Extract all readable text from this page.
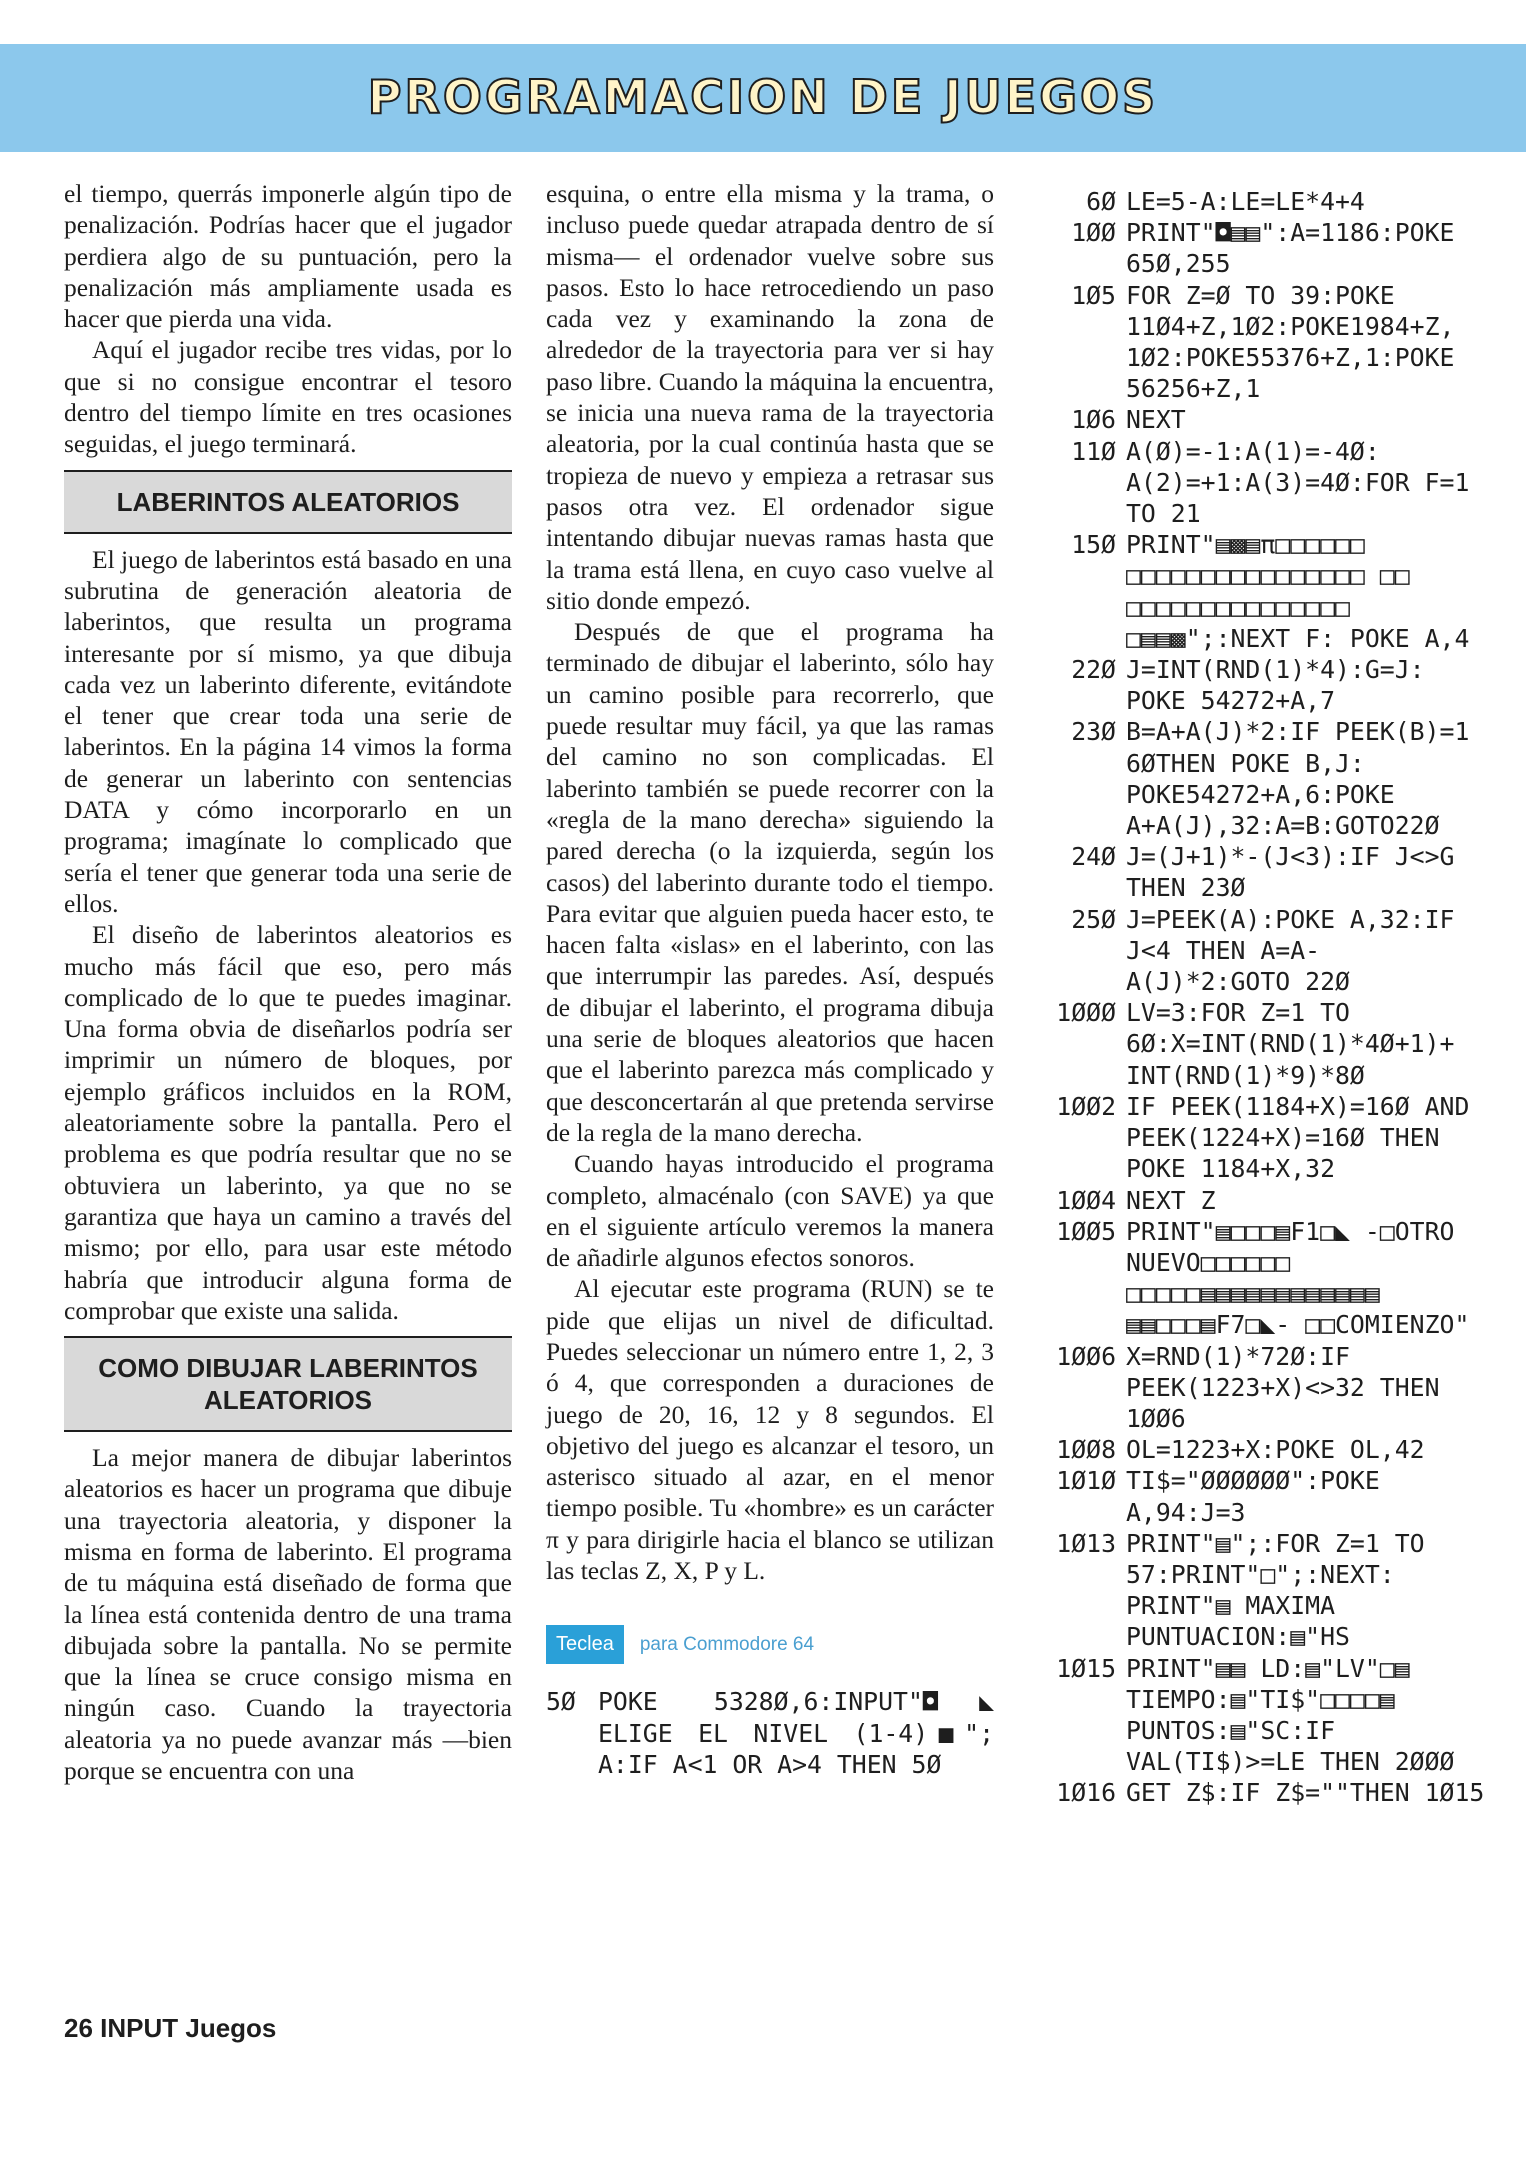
PROGRAMACION DE JUEGOS

el tiempo, querrás imponerle algún tipo de penalización. Podrías hacer que el jugador perdiera algo de su puntuación, pero la penalización más ampliamente usada es hacer que pierda una vida.

Aquí el jugador recibe tres vidas, por lo que si no consigue encontrar el tesoro dentro del tiempo límite en tres ocasiones seguidas, el juego terminará.

LABERINTOS ALEATORIOS

El juego de laberintos está basado en una subrutina de generación aleatoria de laberintos, que resulta un programa interesante por sí mismo, ya que dibuja cada vez un laberinto diferente, evitándote el tener que crear toda una serie de laberintos. En la página 14 vimos la forma de generar un laberinto con sentencias DATA y cómo incorporarlo en un programa; imagínate lo complicado que sería el tener que generar toda una serie de ellos.

El diseño de laberintos aleatorios es mucho más fácil que eso, pero más complicado de lo que te puedes imaginar. Una forma obvia de diseñarlos podría ser imprimir un número de bloques, por ejemplo gráficos incluidos en la ROM, aleatoriamente sobre la pantalla. Pero el problema es que podría resultar que no se obtuviera un laberinto, ya que no se garantiza que haya un camino a través del mismo; por ello, para usar este método habría que introducir alguna forma de comprobar que existe una salida.

COMO DIBUJAR LABERINTOS ALEATORIOS

La mejor manera de dibujar laberintos aleatorios es hacer un programa que dibuje una trayectoria aleatoria, y disponer la misma en forma de laberinto. El programa de tu máquina está diseñado de forma que la línea está contenida dentro de una trama dibujada sobre la pantalla. No se permite que la línea se cruce consigo misma en ningún caso. Cuando la trayectoria aleatoria ya no puede avanzar más —bien porque se encuentra con una

esquina, o entre ella misma y la trama, o incluso puede quedar atrapada dentro de sí misma— el ordenador vuelve sobre sus pasos. Esto lo hace retrocediendo un paso cada vez y examinando la zona de alrededor de la trayectoria para ver si hay paso libre. Cuando la máquina la encuentra, se inicia una nueva rama de la trayectoria aleatoria, por la cual continúa hasta que se tropieza de nuevo y empieza a retrasar sus pasos otra vez. El ordenador sigue intentando dibujar nuevas ramas hasta que la trama está llena, en cuyo caso vuelve al sitio donde empezó.

Después de que el programa ha terminado de dibujar el laberinto, sólo hay un camino posible para recorrerlo, que puede resultar muy fácil, ya que las ramas del camino no son complicadas. El laberinto también se puede recorrer con la «regla de la mano derecha» siguiendo la pared derecha (o la izquierda, según los casos) del laberinto durante todo el tiempo. Para evitar que alguien pueda hacer esto, te hacen falta «islas» en el laberinto, con las que interrumpir las paredes. Así, después de dibujar el laberinto, el programa dibuja una serie de bloques aleatorios que hacen que el laberinto parezca más complicado y que desconcertarán al que pretenda servirse de la regla de la mano derecha.

Cuando hayas introducido el programa completo, almacénalo (con SAVE) ya que en el siguiente artículo veremos la manera de añadirle algunos efectos sonoros.

Al ejecutar este programa (RUN) se te pide que elijas un nivel de dificultad. Puedes seleccionar un número entre 1, 2, 3 ó 4, que corresponden a duraciones de juego de 20, 16, 12 y 8 segundos. El objetivo del juego es alcanzar el tesoro, un asterisco situado al azar, en el menor tiempo posible. Tu «hombre» es un carácter π y para dirigirle hacia el blanco se utilizan las teclas Z, X, P y L.

Teclea	para Commodore 64
5Ø POKE 5328Ø,6:INPUT"◘◣ ELIGE EL NIVEL (1-4)■"; A:IF A<1 OR A>4 THEN 5Ø
6Ø LE=5-A:LE=LE*4+4
1ØØ PRINT"◘▤▤":A=1186:POKE 65Ø,255
1Ø5 FOR Z=Ø TO 39:POKE 11Ø4+Z,1Ø2:POKE1984+Z, 1Ø2:POKE55376+Z,1:POKE 56256+Z,1
1Ø6 NEXT
11Ø A(Ø)=-1:A(1)=-4Ø: A(2)=+1:A(3)=4Ø:FOR F=1 TO 21
15Ø PRINT"▤▩▤π□□□□□□ □□□□□□□□□□□□□□□□ □□ □□□□□□□□□□□□□□□ □▤▤▩";:NEXT F: POKE A,4
22Ø J=INT(RND(1)*4):G=J: POKE 54272+A,7
23Ø B=A+A(J)*2:IF PEEK(B)=1 6ØTHEN POKE B,J: POKE54272+A,6:POKE A+A(J),32:A=B:GOTO22Ø
24Ø J=(J+1)*-(J<3):IF J<>G THEN 23Ø
25Ø J=PEEK(A):POKE A,32:IF J<4 THEN A=A- A(J)*2:GOTO 22Ø
1ØØØ LV=3:FOR Z=1 TO 6Ø:X=INT(RND(1)*4Ø+1)+ INT(RND(1)*9)*8Ø
1ØØ2 IF PEEK(1184+X)=16Ø AND PEEK(1224+X)=16Ø THEN POKE 1184+X,32
1ØØ4 NEXT Z
1ØØ5 PRINT"▤□□□▤F1□◣ -□OTRO NUEVO□□□□□□ □□□□□▤▤▤▤▤▤▤▤▤▤▤▤ ▤▤□□□▤F7□◣- □□COMIENZO"
1ØØ6 X=RND(1)*72Ø:IF PEEK(1223+X)<>32 THEN 1ØØ6
1ØØ8 OL=1223+X:POKE OL,42
1Ø1Ø TI$="ØØØØØØ":POKE A,94:J=3
1Ø13 PRINT"▤";:FOR Z=1 TO 57:PRINT"□";:NEXT: PRINT"▤ MAXIMA PUNTUACION:▤"HS
1Ø15 PRINT"▤▤ LD:▤"LV"□▤ TIEMPO:▤"TI$"□□□□▤ PUNTOS:▤"SC:IF VAL(TI$)>=LE THEN 2ØØØ
1Ø16 GET Z$:IF Z$=""THEN 1Ø15
26 INPUT Juegos
